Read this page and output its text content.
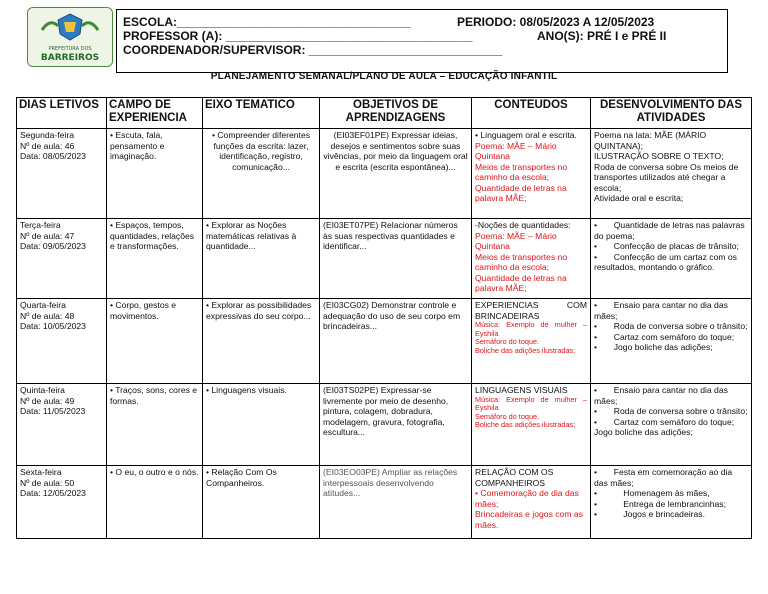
PREFEITURA DOS
BARREIROS
ESCOLA:___________________________________	PERIODO: 08/05/2023 A 12/05/2023
PROFESSOR (A): _____________________________________	ANO(S): PRÉ I e PRÉ II
COORDENADOR/SUPERVISOR: _____________________________
PLANEJAMENTO SEMANAL/PLANO DE AULA – EDUCAÇÃO INFANTIL
DIAS LETIVOS	CAMPO DE EXPERIENCIA	EIXO TEMATICO	OBJETIVOS DE APRENDIZAGENS	CONTEUDOS	DESENVOLVIMENTO DAS ATIVIDADES

Segunda-feira
Nº de aula: 46
Data: 08/05/2023	• Escuta, fala, pensamento e imaginação.	• Compreender diferentes funções da escrita: lazer, identificação, registro, comunicação...	(EI03EF01PE) Expressar ideias, desejos e sentimentos sobre suas vivências, por meio da linguagem oral e escrita (escrita espontânea)...	• Linguagem oral e escrita.
Poema: MÃE – Mário Quintana
Meios de transportes no caminho da escola;
Quantidade de letras na palavra MÃE;	Poema na lata: MÃE (MÁRIO QUINTANA);
ILUSTRAÇÃO SOBRE O TEXTO;
Roda de conversa sobre Os meios de transportes utilizados até chegar a escola;
Atividade oral e escrita;

Terça-feira
Nº de aula: 47
Data: 09/05/2023	• Espaços, tempos, quantidades, relações e transformações.	• Explorar as Noções matemáticas relativas à quantidade...	(EI03ET07PE) Relacionar números às suas respectivas quantidades e identificar...	-Noções de quantidades:
Poema: MÃE – Mário Quintana
Meios de transportes no caminho da escola;
Quantidade de letras na palavra MÃE;	•       Quantidade de letras nas palavras do poema;
•       Confecção de placas de trânsito;
•       Confecção de um cartaz com os resultados, montando o gráfico.

Quarta-feira
Nº de aula: 48
Data: 10/05/2023	• Corpo, gestos e movimentos.	• Explorar as possibilidades expressivas do seu corpo...	(EI03CG02) Demonstrar controle e adequação do uso de seu corpo em brincadeiras...	EXPERIENCIAS COM BRINCADEIRAS
Música: Exemplo de mulher – Eyshila
Semáforo do toque.
Boliche das adições ilustradas;	•       Ensaio para cantar no dia das mães;
•       Roda de conversa sobre o trânsito;
•       Cartaz com semáforo do toque;
•       Jogo boliche das adições;

Quinta-feira
Nº de aula: 49
Data: 11/05/2023	• Traços, sons, cores e formas.	• Linguagens visuais.	(EI03TS02PE) Expressar-se livremente por meio de desenho, pintura, colagem, dobradura, modelagem, gravura, fotografia, escultura...	LINGUAGENS VISUAIS
Música: Exemplo de mulher – Eyshila
Semáforo do toque.
Boliche das adições ilustradas;	•       Ensaio para cantar no dia das mães;
•       Roda de conversa sobre o trânsito;
•       Cartaz com semáforo do toque;
Jogo boliche das adições;

Sexta-feira
Nº de aula: 50
Data: 12/05/2023	• O eu, o outro e o nós.	• Relação Com Os Companheiros.	(EI03EO03PE) Ampliar as relações interpessoais desenvolvendo atitudes...	RELAÇÃO COM OS COMPANHEIROS
• Comemoração de dia das mães;
Brincadeiras e jogos com as mães.	•       Festa em comemoração ao dia das mães;
•           Homenagem às mães,
•           Entrega de lembrancinhas;
•           Jogos e brincadeiras.
